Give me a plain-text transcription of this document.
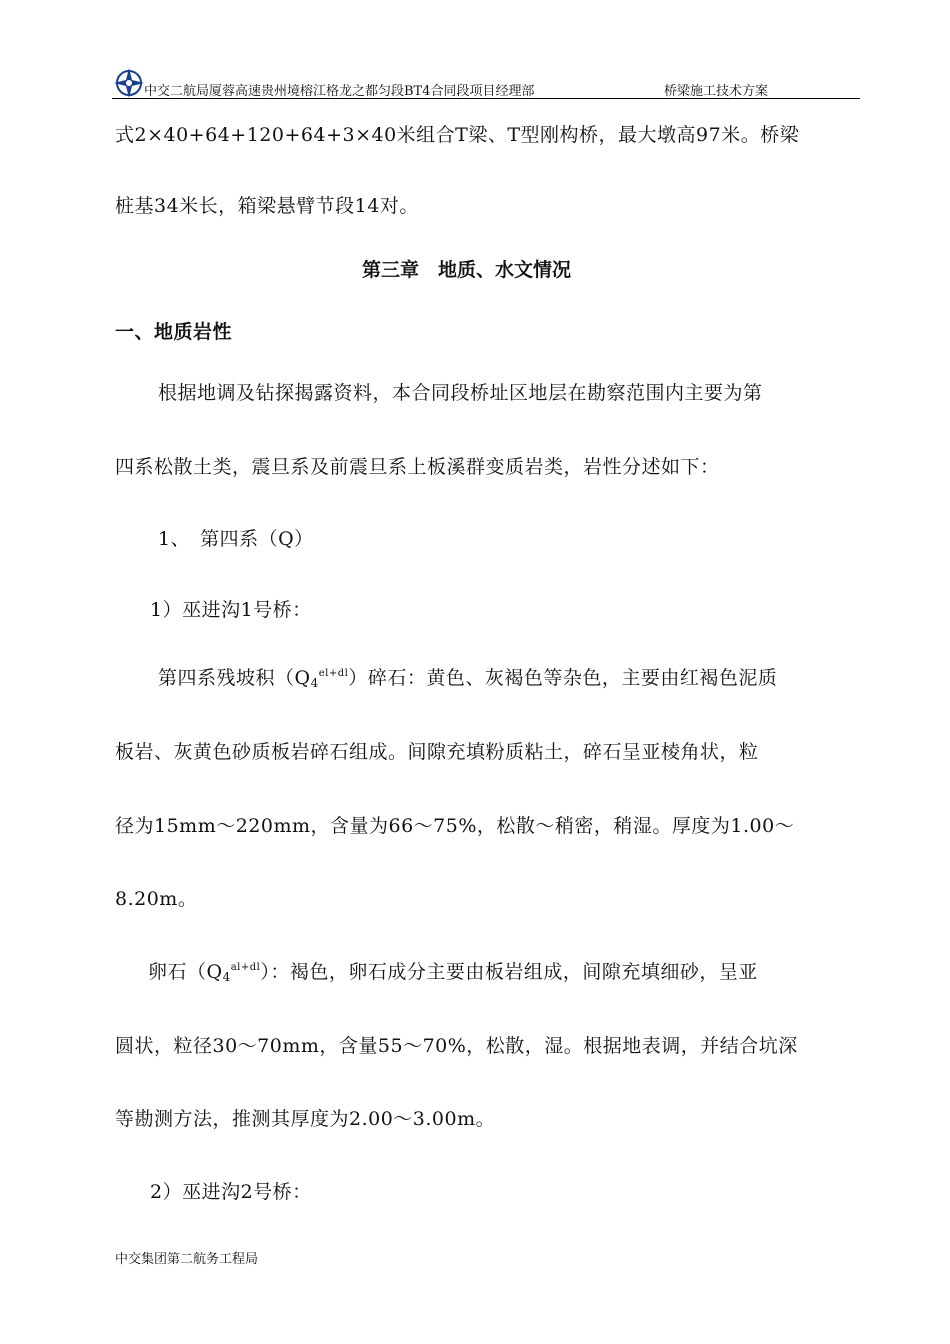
中交二航局厦蓉高速贵州境榕江格龙之都匀段BT4合同段项目经理部	桥梁施工技术方案
式2×40+64+120+64+3×40米组合T梁、T型刚构桥，最大墩高97米。桥梁
桩基34米长，箱梁悬臂节段14对。
第三章　地质、水文情况
一、地质岩性
根据地调及钻探揭露资料，本合同段桥址区地层在勘察范围内主要为第
四系松散土类，震旦系及前震旦系上板溪群变质岩类，岩性分述如下：
1、　第四系（Q）
1）巫进沟1号桥：
第四系残坡积$(Q_4^{el+dl})$碎石：黄色、灰褐色等杂色，主要由红褐色泥质
板岩、灰黄色砂质板岩碎石组成。间隙充填粉质粘土，碎石呈亚棱角状，粒
径为15mm～220mm，含量为66～75%，松散～稍密，稍湿。厚度为1.00～
8.20m。
卵石$(Q_4^{al+dl})$：褐色，卵石成分主要由板岩组成，间隙充填细砂，呈亚
圆状，粒径30～70mm，含量55～70%，松散，湿。根据地表调，并结合坑深
等勘测方法，推测其厚度为2.00～3.00m。
2）巫进沟2号桥：
中交集团第二航务工程局
